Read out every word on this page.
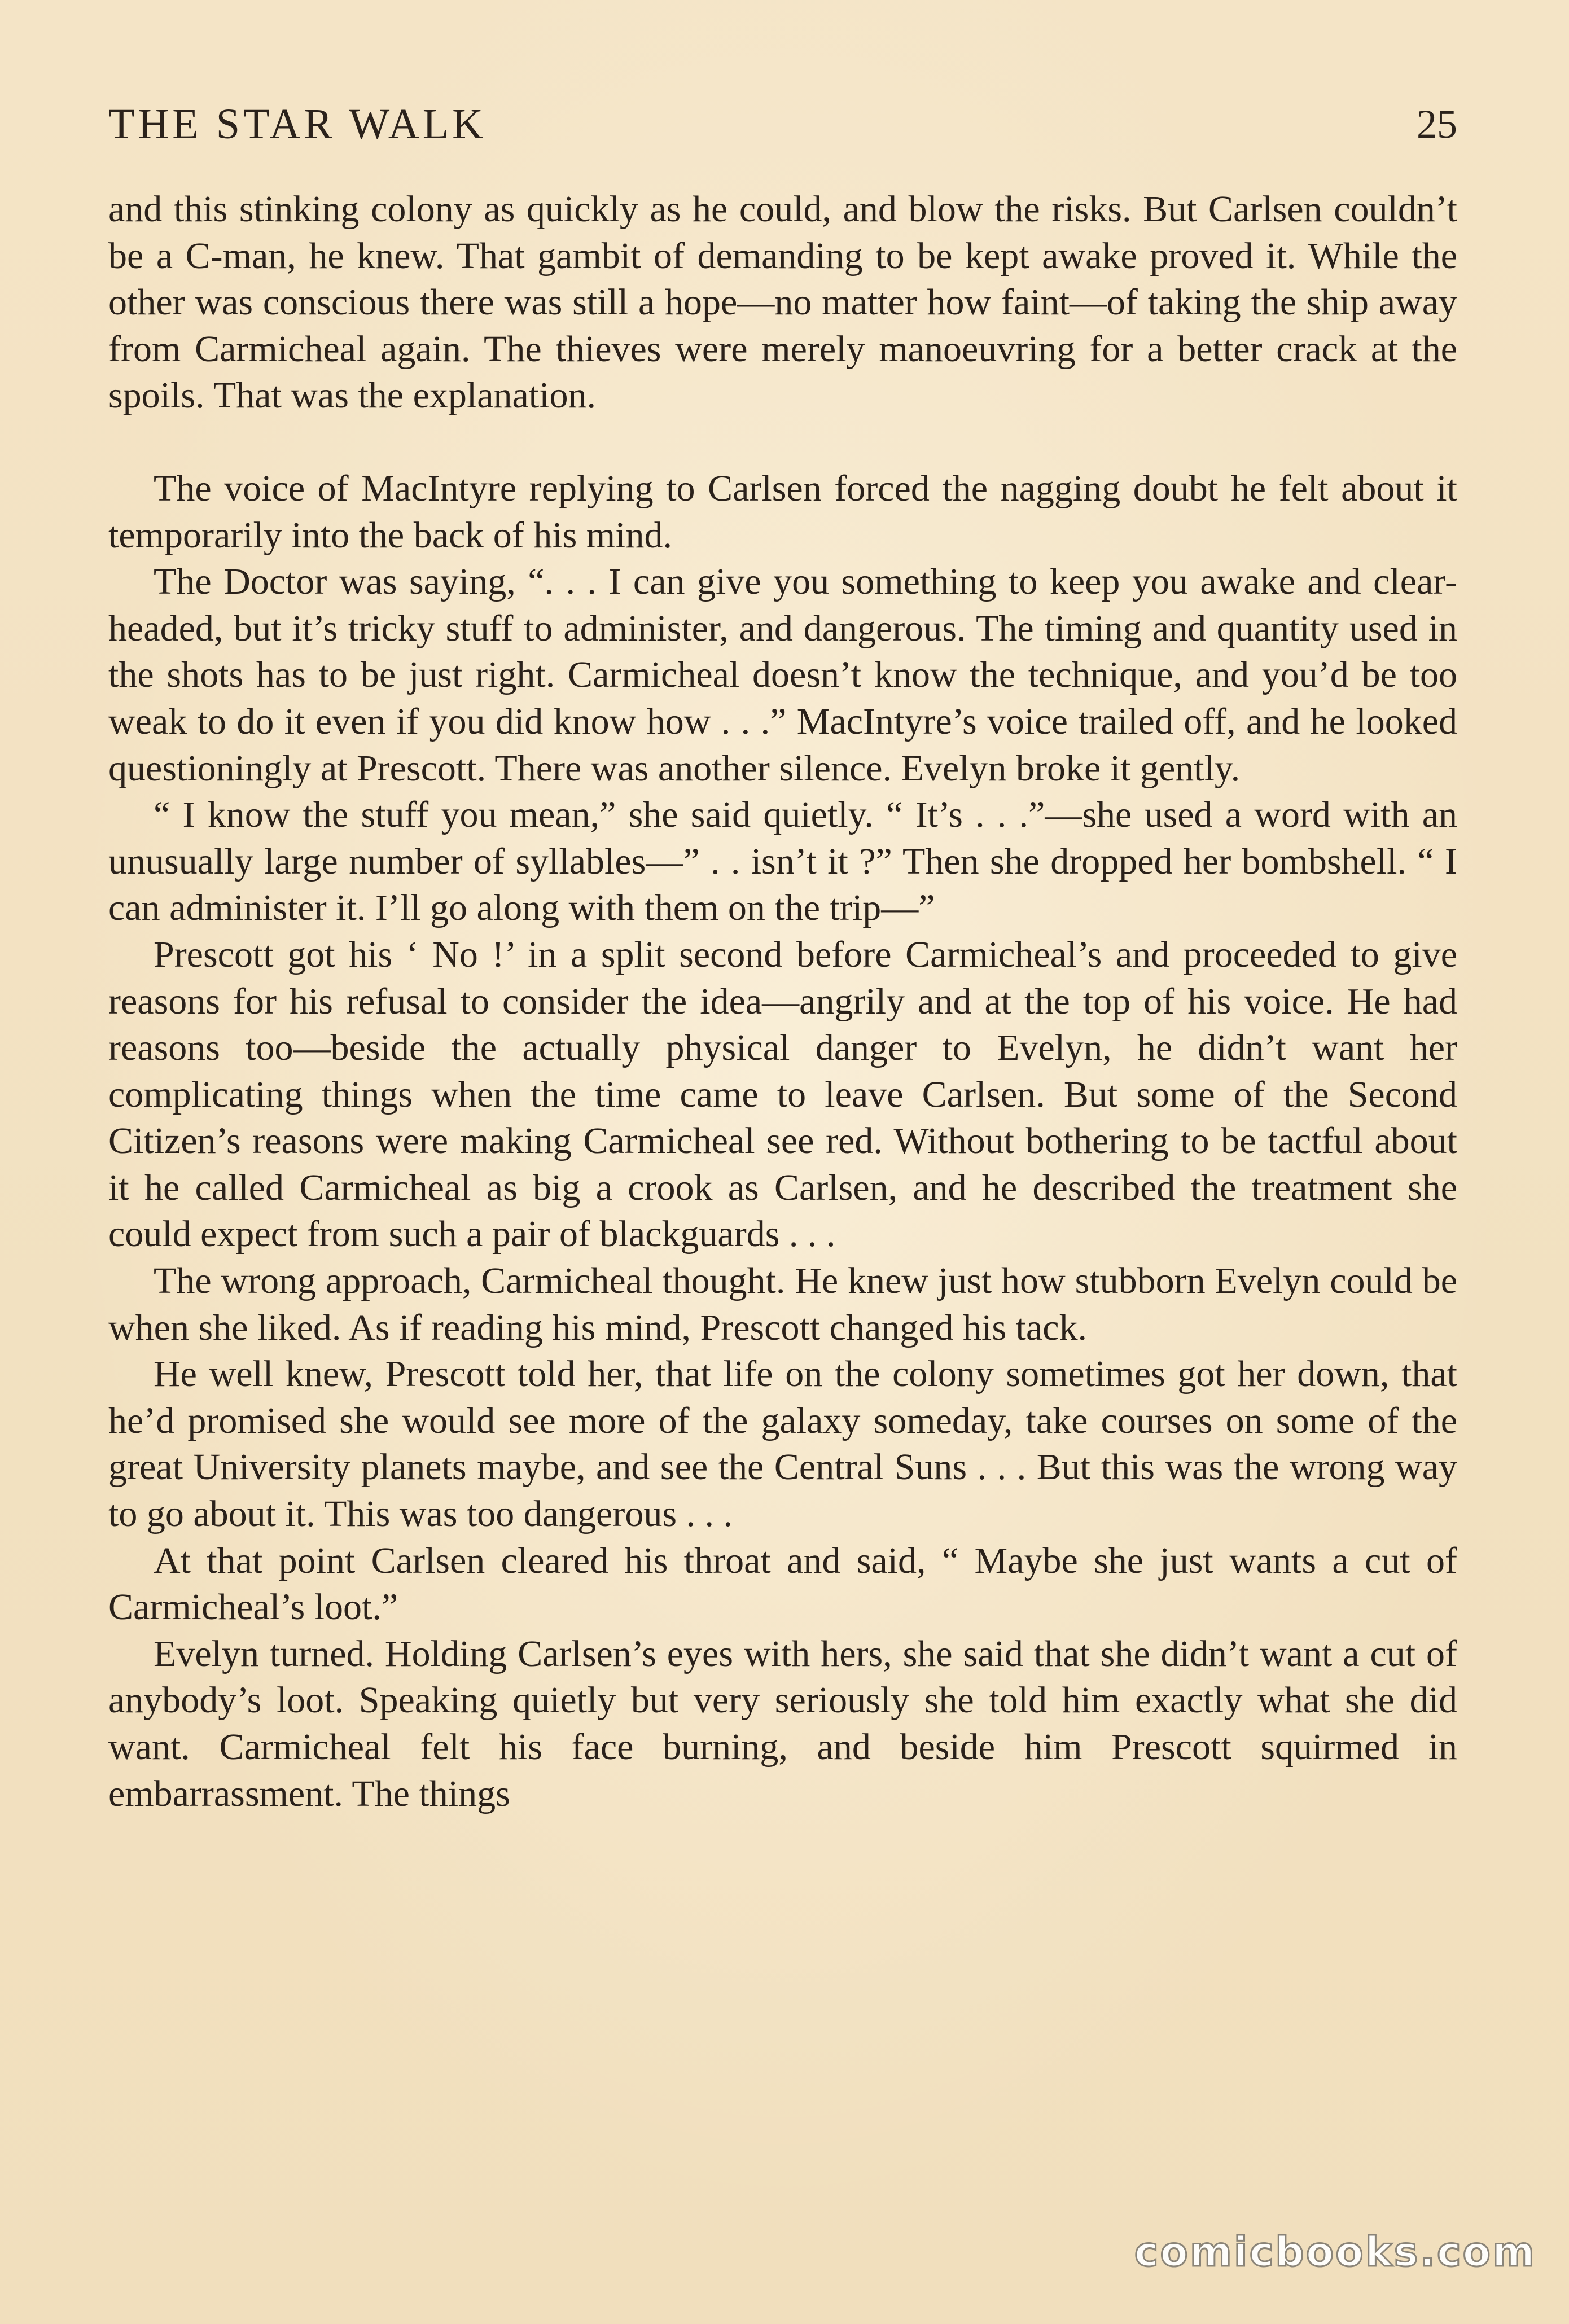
THE STAR WALK	25

and this stinking colony as quickly as he could, and blow the risks. But Carlsen couldn’t be a C-man, he knew. That gambit of demanding to be kept awake proved it. While the other was conscious there was still a hope—no matter how faint—of taking the ship away from Carmicheal again. The thieves were merely manoeuvring for a better crack at the spoils. That was the explanation.

The voice of MacIntyre replying to Carlsen forced the nagging doubt he felt about it temporarily into the back of his mind.

The Doctor was saying, “. . . I can give you something to keep you awake and clear-headed, but it’s tricky stuff to administer, and dangerous. The timing and quantity used in the shots has to be just right. Carmicheal doesn’t know the technique, and you’d be too weak to do it even if you did know how . . .” MacIntyre’s voice trailed off, and he looked questioningly at Prescott. There was another silence. Evelyn broke it gently.

“ I know the stuff you mean,” she said quietly. “ It’s . . .”—she used a word with an unusually large number of syllables—” . . isn’t it ?” Then she dropped her bombshell. “ I can administer it. I’ll go along with them on the trip—”

Prescott got his ‘ No !’ in a split second before Carmicheal’s and proceeded to give reasons for his refusal to consider the idea—angrily and at the top of his voice. He had reasons too—beside the actually physical danger to Evelyn, he didn’t want her complicating things when the time came to leave Carlsen. But some of the Second Citizen’s reasons were making Carmicheal see red. Without bothering to be tactful about it he called Carmicheal as big a crook as Carlsen, and he described the treatment she could expect from such a pair of blackguards . . .

The wrong approach, Carmicheal thought. He knew just how stubborn Evelyn could be when she liked. As if reading his mind, Prescott changed his tack.

He well knew, Prescott told her, that life on the colony sometimes got her down, that he’d promised she would see more of the galaxy someday, take courses on some of the great University planets maybe, and see the Central Suns . . . But this was the wrong way to go about it. This was too dangerous . . .

At that point Carlsen cleared his throat and said, “ Maybe she just wants a cut of Carmicheal’s loot.”

Evelyn turned. Holding Carlsen’s eyes with hers, she said that she didn’t want a cut of anybody’s loot. Speaking quietly but very seriously she told him exactly what she did want. Carmicheal felt his face burning, and beside him Prescott squirmed in embarrassment. The things

comicbooks.com
